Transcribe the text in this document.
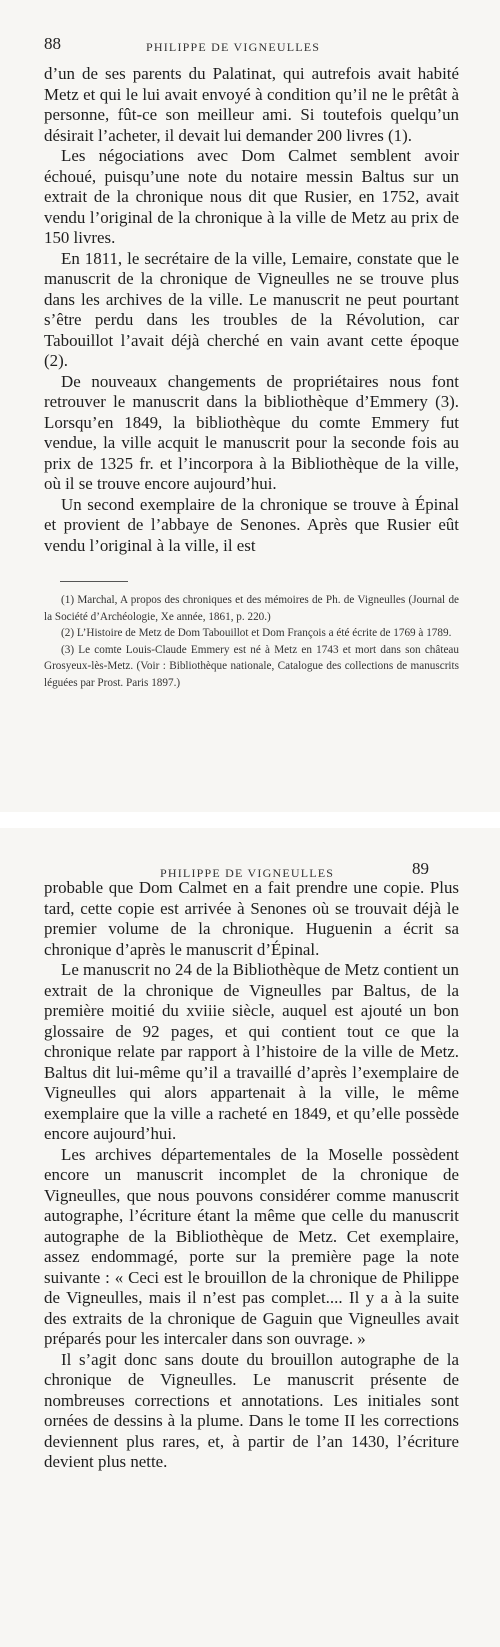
88	PHILIPPE DE VIGNEULLES

d’un de ses parents du Palatinat, qui autrefois avait habité Metz et qui le lui avait envoyé à condition qu’il ne le prêtât à personne, fût-ce son meilleur ami. Si toutefois quelqu’un désirait l’acheter, il devait lui demander 200 livres (1).

Les négociations avec Dom Calmet semblent avoir échoué, puisqu’une note du notaire messin Baltus sur un extrait de la chronique nous dit que Rusier, en 1752, avait vendu l’original de la chronique à la ville de Metz au prix de 150 livres.

En 1811, le secrétaire de la ville, Lemaire, constate que le manuscrit de la chronique de Vigneulles ne se trouve plus dans les archives de la ville. Le manuscrit ne peut pourtant s’être perdu dans les troubles de la Révolution, car Tabouillot l’avait déjà cherché en vain avant cette époque (2).

De nouveaux changements de propriétaires nous font retrouver le manuscrit dans la bibliothèque d’Emmery (3). Lorsqu’en 1849, la bibliothèque du comte Emmery fut vendue, la ville acquit le manuscrit pour la seconde fois au prix de 1325 fr. et l’incorpora à la Bibliothèque de la ville, où il se trouve encore aujourd’hui.

Un second exemplaire de la chronique se trouve à Épinal et provient de l’abbaye de Senones. Après que Rusier eût vendu l’original à la ville, il est

(1) Marchal, A propos des chroniques et des mémoires de Ph. de Vigneulles (Journal de la Société d’Archéologie, Xe année, 1861, p. 220.)

(2) L’Histoire de Metz de Dom Tabouillot et Dom François a été écrite de 1769 à 1789.

(3) Le comte Louis-Claude Emmery est né à Metz en 1743 et mort dans son château Grosyeux-lès-Metz. (Voir : Bibliothèque nationale, Catalogue des collections de manuscrits léguées par Prost. Paris 1897.)

PHILIPPE DE VIGNEULLES	89

probable que Dom Calmet en a fait prendre une copie. Plus tard, cette copie est arrivée à Senones où se trouvait déjà le premier volume de la chronique. Huguenin a écrit sa chronique d’après le manuscrit d’Épinal.

Le manuscrit no 24 de la Bibliothèque de Metz contient un extrait de la chronique de Vigneulles par Baltus, de la première moitié du xviiie siècle, auquel est ajouté un bon glossaire de 92 pages, et qui contient tout ce que la chronique relate par rapport à l’histoire de la ville de Metz. Baltus dit lui-même qu’il a travaillé d’après l’exemplaire de Vigneulles qui alors appartenait à la ville, le même exemplaire que la ville a racheté en 1849, et qu’elle possède encore aujourd’hui.

Les archives départementales de la Moselle possèdent encore un manuscrit incomplet de la chronique de Vigneulles, que nous pouvons considérer comme manuscrit autographe, l’écriture étant la même que celle du manuscrit autographe de la Bibliothèque de Metz. Cet exemplaire, assez endommagé, porte sur la première page la note suivante : « Ceci est le brouillon de la chronique de Philippe de Vigneulles, mais il n’est pas complet.... Il y a à la suite des extraits de la chronique de Gaguin que Vigneulles avait préparés pour les intercaler dans son ouvrage. »

Il s’agit donc sans doute du brouillon autographe de la chronique de Vigneulles. Le manuscrit présente de nombreuses corrections et annotations. Les initiales sont ornées de dessins à la plume. Dans le tome II les corrections deviennent plus rares, et, à partir de l’an 1430, l’écriture devient plus nette.
